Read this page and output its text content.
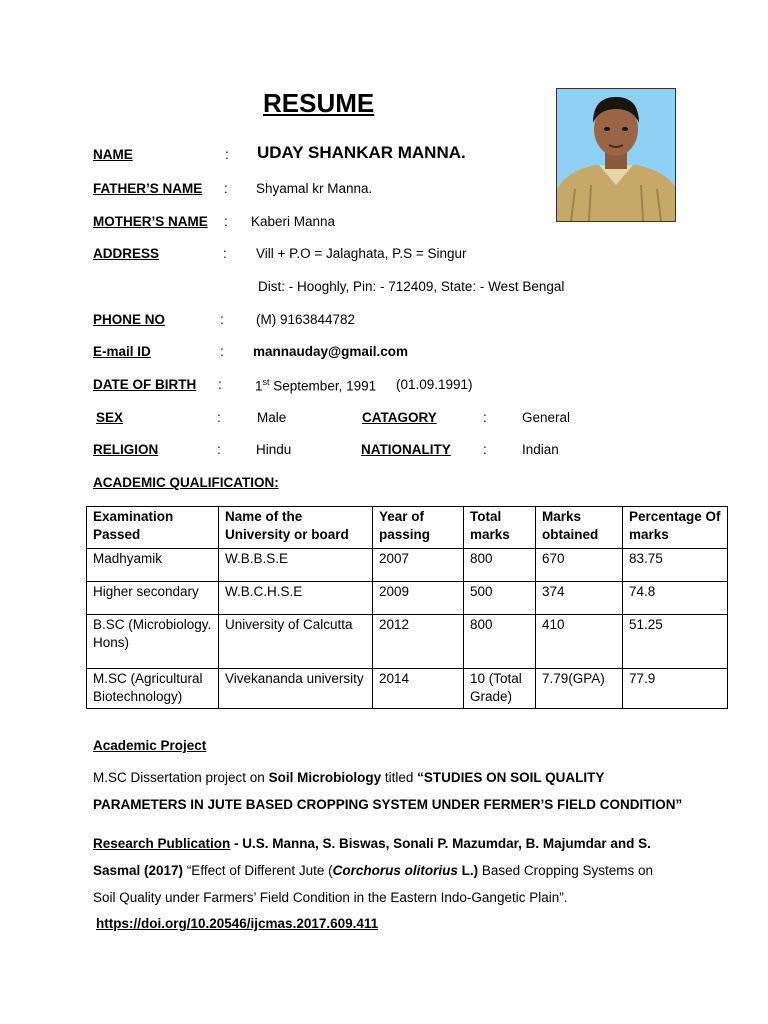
RESUME
NAME	: UDAY SHANKAR MANNA.
FATHER’S NAME : Shyamal kr Manna.
MOTHER’S NAME : Kaberi Manna
ADDRESS	: Vill + P.O = Jalaghata, P.S = Singur
Dist: - Hooghly, Pin: - 712409, State: - West Bengal
PHONE NO	: (M) 9163844782
E-mail ID	: mannauday@gmail.com
DATE OF BIRTH : 1st September, 1991 (01.09.1991)
SEX	:	Male	CATAGORY	:	General
RELIGION	:	Hindu	NATIONALITY :	Indian
ACADEMIC QUALIFICATION:
Examination Passed	Name of the University or board	Year of passing	Total marks	Marks obtained	Percentage Of marks
Madhyamik	W.B.B.S.E	2007	800	670	83.75
Higher secondary	W.B.C.H.S.E	2009	500	374	74.8
B.SC (Microbiology. Hons)	University of Calcutta	2012	800	410	51.25
M.SC (Agricultural Biotechnology)	Vivekananda university	2014	10 (Total Grade)	7.79(GPA)	77.9
Academic Project
M.SC Dissertation project on Soil Microbiology titled “STUDIES ON SOIL QUALITY
PARAMETERS IN JUTE BASED CROPPING SYSTEM UNDER FERMER’S FIELD CONDITION”
Research Publication - U.S. Manna, S. Biswas, Sonali P. Mazumdar, B. Majumdar and S.
Sasmal (2017) “Effect of Different Jute (Corchorus olitorius L.) Based Cropping Systems on
Soil Quality under Farmers’ Field Condition in the Eastern Indo-Gangetic Plain”.
https://doi.org/10.20546/ijcmas.2017.609.411
